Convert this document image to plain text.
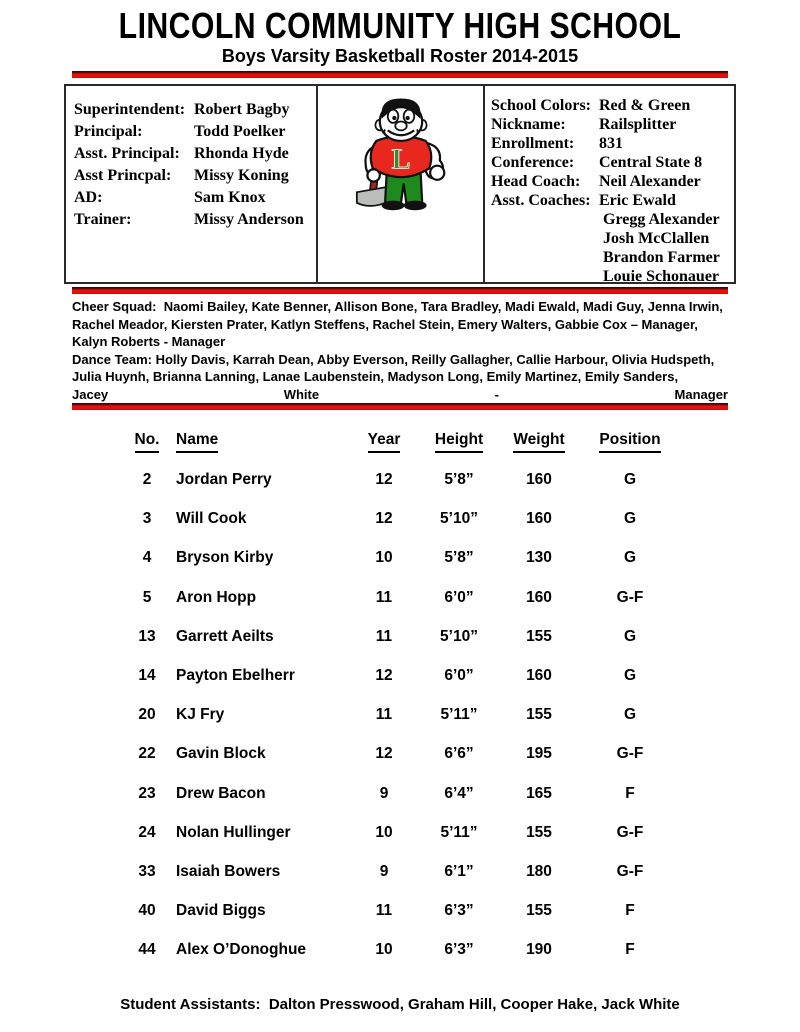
LINCOLN COMMUNITY HIGH SCHOOL
Boys Varsity Basketball Roster 2014-2015
Superintendent: Robert Bagby
Principal:	Todd Poelker
Asst. Principal: Rhonda Hyde
Asst Princpal:	Missy Koning
AD:	Sam Knox
Trainer:	Missy Anderson
L
School Colors: Red & Green
Nickname:	Railsplitter
Enrollment:	831
Conference:	Central State 8
Head Coach:	Neil Alexander
Asst. Coaches: Eric Ewald
Gregg Alexander
Josh McClallen
Brandon Farmer
Louie Schonauer
Cheer Squad:  Naomi Bailey, Kate Benner, Allison Bone, Tara Bradley, Madi Ewald, Madi Guy, Jenna Irwin,
Rachel Meador, Kiersten Prater, Katlyn Steffens, Rachel Stein, Emery Walters, Gabbie Cox – Manager,
Kalyn Roberts - Manager
Dance Team: Holly Davis, Karrah Dean, Abby Everson, Reilly Gallagher, Callie Harbour, Olivia Hudspeth,
Julia Huynh, Brianna Lanning, Lanae Laubenstein, Madyson Long, Emily Martinez, Emily Sanders,
Jacey	White	-	Manager
No.	Name	Year	Height	Weight	Position
2	Jordan Perry	12	5’8”	160	G
3	Will Cook	12	5’10”	160	G
4	Bryson Kirby	10	5’8”	130	G
5	Aron Hopp	11	6’0”	160	G-F
13	Garrett Aeilts	11	5’10”	155	G
14	Payton Ebelherr	12	6’0”	160	G
20	KJ Fry	11	5’11”	155	G
22	Gavin Block	12	6’6”	195	G-F
23	Drew Bacon	9	6’4”	165	F
24	Nolan Hullinger	10	5’11”	155	G-F
33	Isaiah Bowers	9	6’1”	180	G-F
40	David Biggs	11	6’3”	155	F
44	Alex O’Donoghue	10	6’3”	190	F
Student Assistants:  Dalton Presswood, Graham Hill, Cooper Hake, Jack White
